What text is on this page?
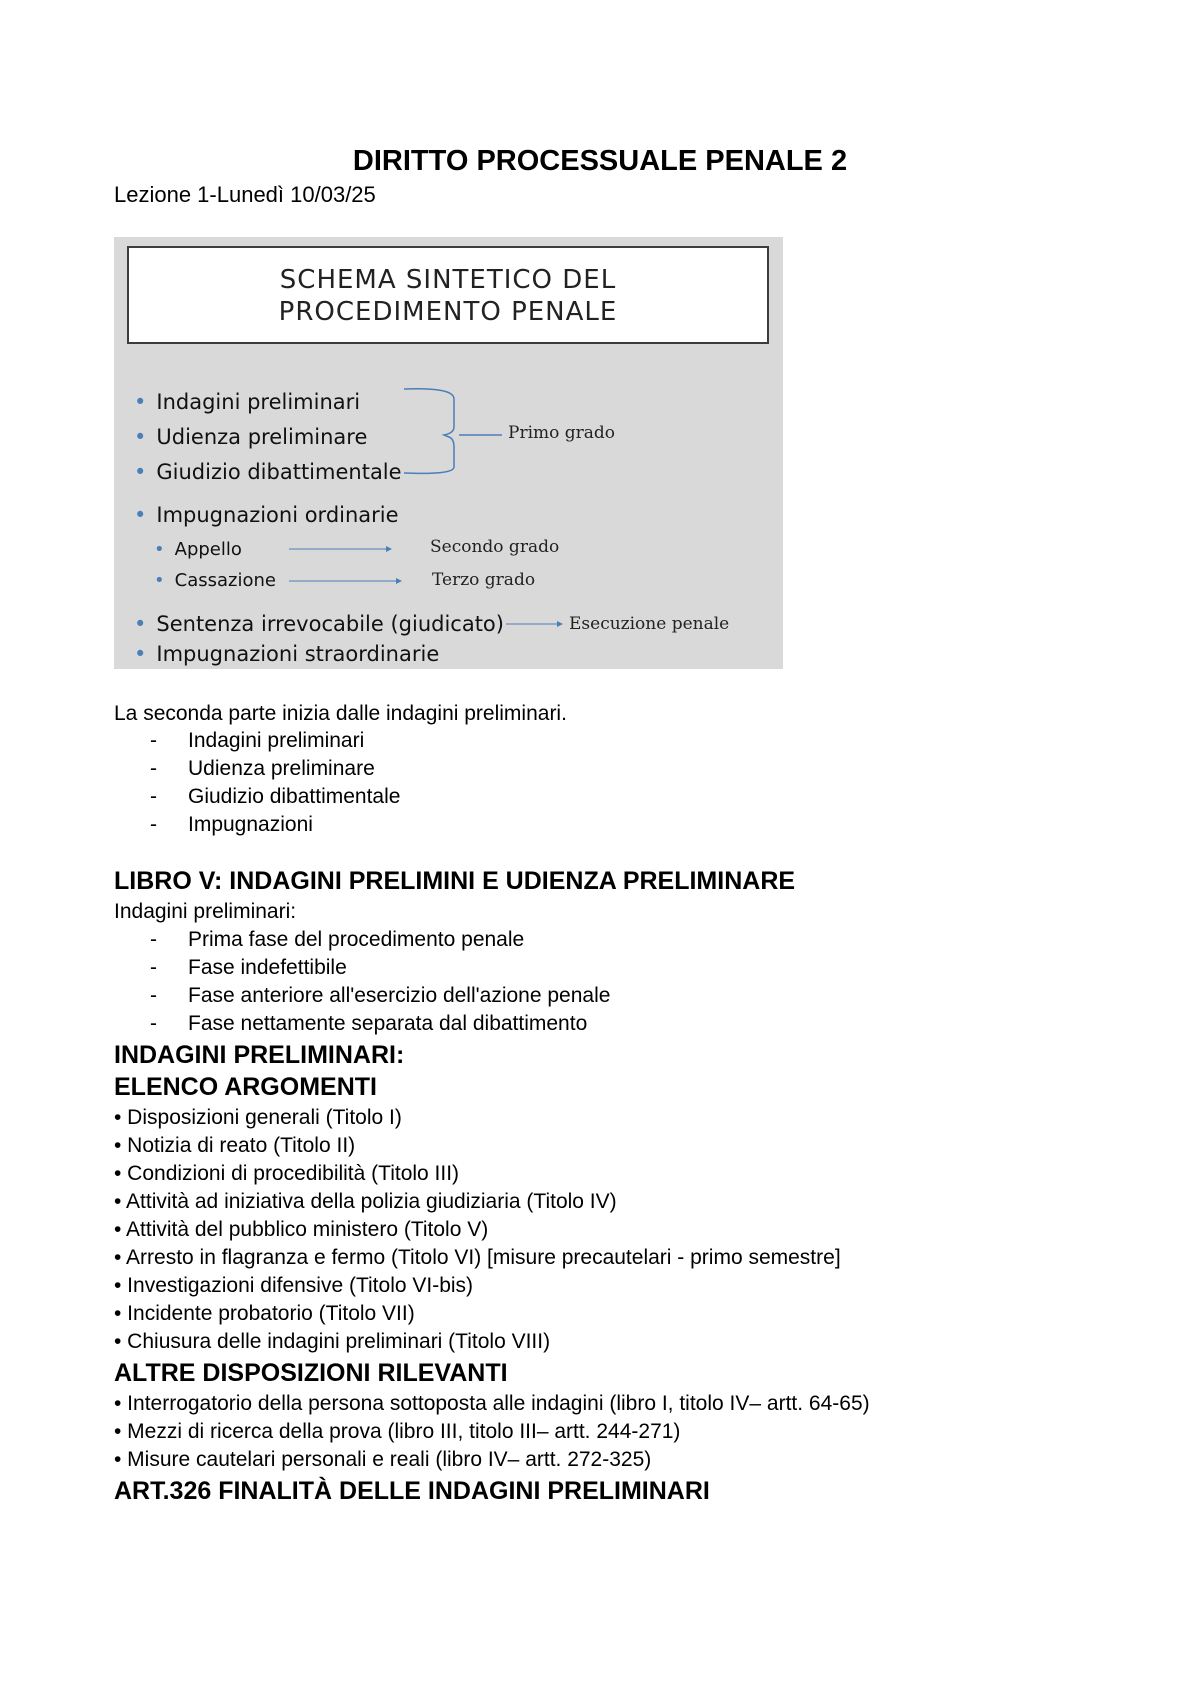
DIRITTO PROCESSUALE PENALE 2
Lezione 1-Lunedì 10/03/25
SCHEMA SINTETICO DEL
PROCEDIMENTO PENALE
• Indagini preliminari
• Udienza preliminare
• Giudizio dibattimentale
• Impugnazioni ordinarie
• Appello
• Cassazione
• Sentenza irrevocabile (giudicato)
• Impugnazioni straordinarie
Primo grado
Secondo grado
Terzo grado
Esecuzione penale
La seconda parte inizia dalle indagini preliminari.
- Indagini preliminari
- Udienza preliminare
- Giudizio dibattimentale
- Impugnazioni
LIBRO V: INDAGINI PRELIMINI E UDIENZA PRELIMINARE
Indagini preliminari:
- Prima fase del procedimento penale
- Fase indefettibile
- Fase anteriore all'esercizio dell'azione penale
- Fase nettamente separata dal dibattimento
INDAGINI PRELIMINARI:
ELENCO ARGOMENTI
• Disposizioni generali (Titolo I)
• Notizia di reato (Titolo II)
• Condizioni di procedibilità (Titolo III)
• Attività ad iniziativa della polizia giudiziaria (Titolo IV)
• Attività del pubblico ministero (Titolo V)
• Arresto in flagranza e fermo (Titolo VI) [misure precautelari - primo semestre]
• Investigazioni difensive (Titolo VI-bis)
• Incidente probatorio (Titolo VII)
• Chiusura delle indagini preliminari (Titolo VIII)
ALTRE DISPOSIZIONI RILEVANTI
• Interrogatorio della persona sottoposta alle indagini (libro I, titolo IV– artt. 64-65)
• Mezzi di ricerca della prova (libro III, titolo III– artt. 244-271)
• Misure cautelari personali e reali (libro IV– artt. 272-325)
ART.326 FINALITÀ DELLE INDAGINI PRELIMINARI
